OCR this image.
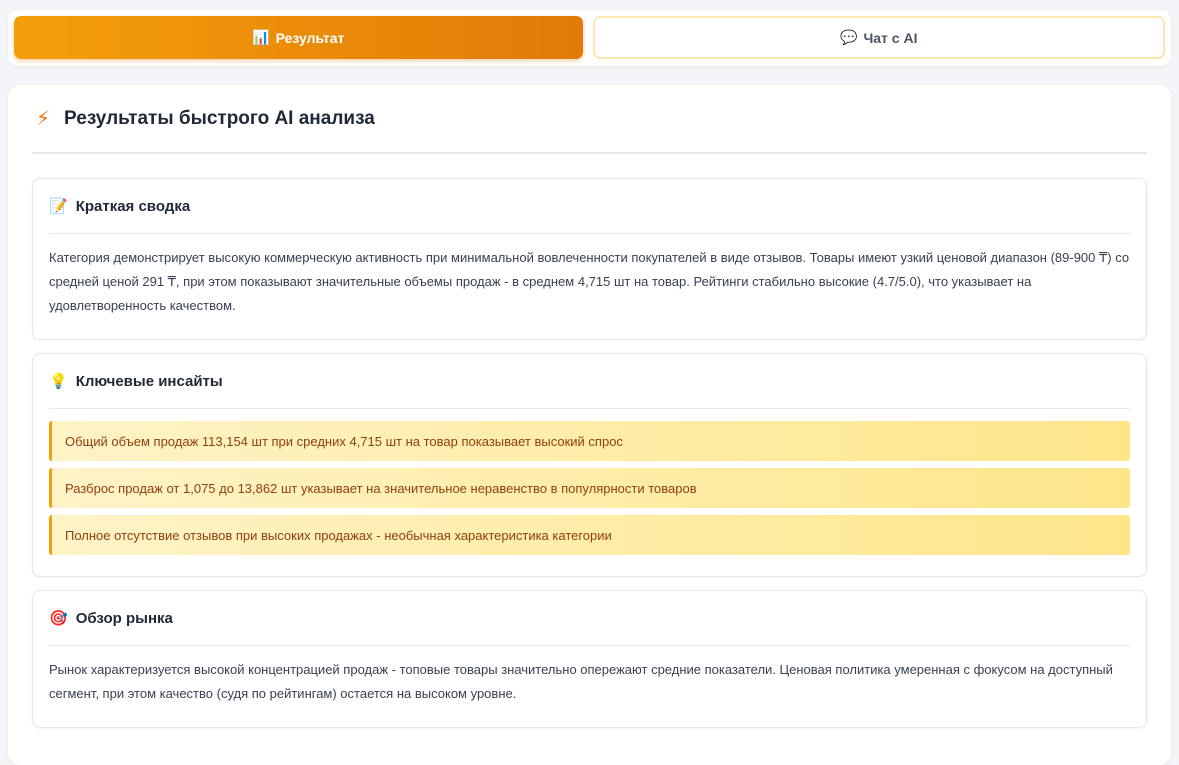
📊 Результат	💬 Чат с AI
⚡ Результаты быстрого AI анализа
📝 Краткая сводка
Категория демонстрирует высокую коммерческую активность при минимальной вовлеченности покупателей в виде отзывов. Товары имеют узкий ценовой диапазон (89-900 ₸) со средней ценой 291 ₸, при этом показывают значительные объемы продаж - в среднем 4,715 шт на товар. Рейтинги стабильно высокие (4.7/5.0), что указывает на удовлетворенность качеством.
💡 Ключевые инсайты
Общий объем продаж 113,154 шт при средних 4,715 шт на товар показывает высокий спрос
Разброс продаж от 1,075 до 13,862 шт указывает на значительное неравенство в популярности товаров
Полное отсутствие отзывов при высоких продажах - необычная характеристика категории
🎯 Обзор рынка
Рынок характеризуется высокой концентрацией продаж - топовые товары значительно опережают средние показатели. Ценовая политика умеренная с фокусом на доступный сегмент, при этом качество (судя по рейтингам) остается на высоком уровне.
